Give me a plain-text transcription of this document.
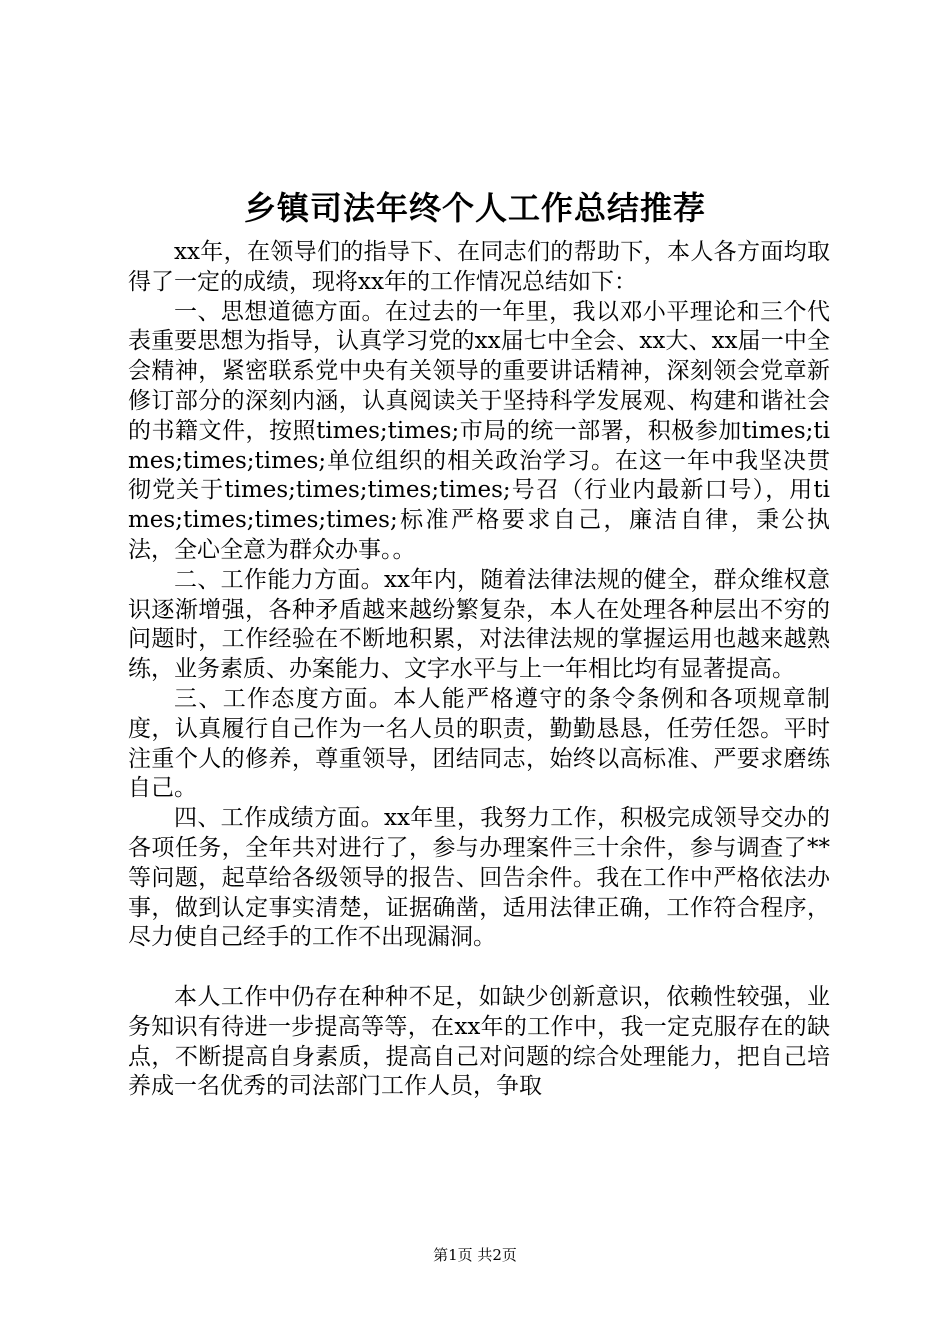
乡镇司法年终个人工作总结推荐

xx年，在领导们的指导下、在同志们的帮助下，本人各方面均取得了一定的成绩，现将xx年的工作情况总结如下：

一、思想道德方面。在过去的一年里，我以邓小平理论和三个代表重要思想为指导，认真学习党的xx届七中全会、xx大、xx届一中全会精神，紧密联系党中央有关领导的重要讲话精神，深刻领会党章新修订部分的深刻内涵，认真阅读关于坚持科学发展观、构建和谐社会的书籍文件，按照times;times;市局的统一部署，积极参加times;times;times;times;单位组织的相关政治学习。在这一年中我坚决贯彻党关于times;times;times;times;号召（行业内最新口号），用times;times;times;times;标准严格要求自己，廉洁自律，秉公执法，全心全意为群众办事。。

二、工作能力方面。xx年内，随着法律法规的健全，群众维权意识逐渐增强，各种矛盾越来越纷繁复杂，本人在处理各种层出不穷的问题时，工作经验在不断地积累，对法律法规的掌握运用也越来越熟练，业务素质、办案能力、文字水平与上一年相比均有显著提高。

三、工作态度方面。本人能严格遵守的条令条例和各项规章制度，认真履行自己作为一名人员的职责，勤勤恳恳，任劳任怨。平时注重个人的修养，尊重领导，团结同志，始终以高标准、严要求磨练自己。

四、工作成绩方面。xx年里，我努力工作，积极完成领导交办的各项任务，全年共对进行了，参与办理案件三十余件，参与调查了**等问题，起草给各级领导的报告、回告余件。我在工作中严格依法办事，做到认定事实清楚，证据确凿，适用法律正确，工作符合程序，尽力使自己经手的工作不出现漏洞。

本人工作中仍存在种种不足，如缺少创新意识，依赖性较强，业务知识有待进一步提高等等，在xx年的工作中，我一定克服存在的缺点，不断提高自身素质，提高自己对问题的综合处理能力，把自己培养成一名优秀的司法部门工作人员，争取

第1页 共2页
